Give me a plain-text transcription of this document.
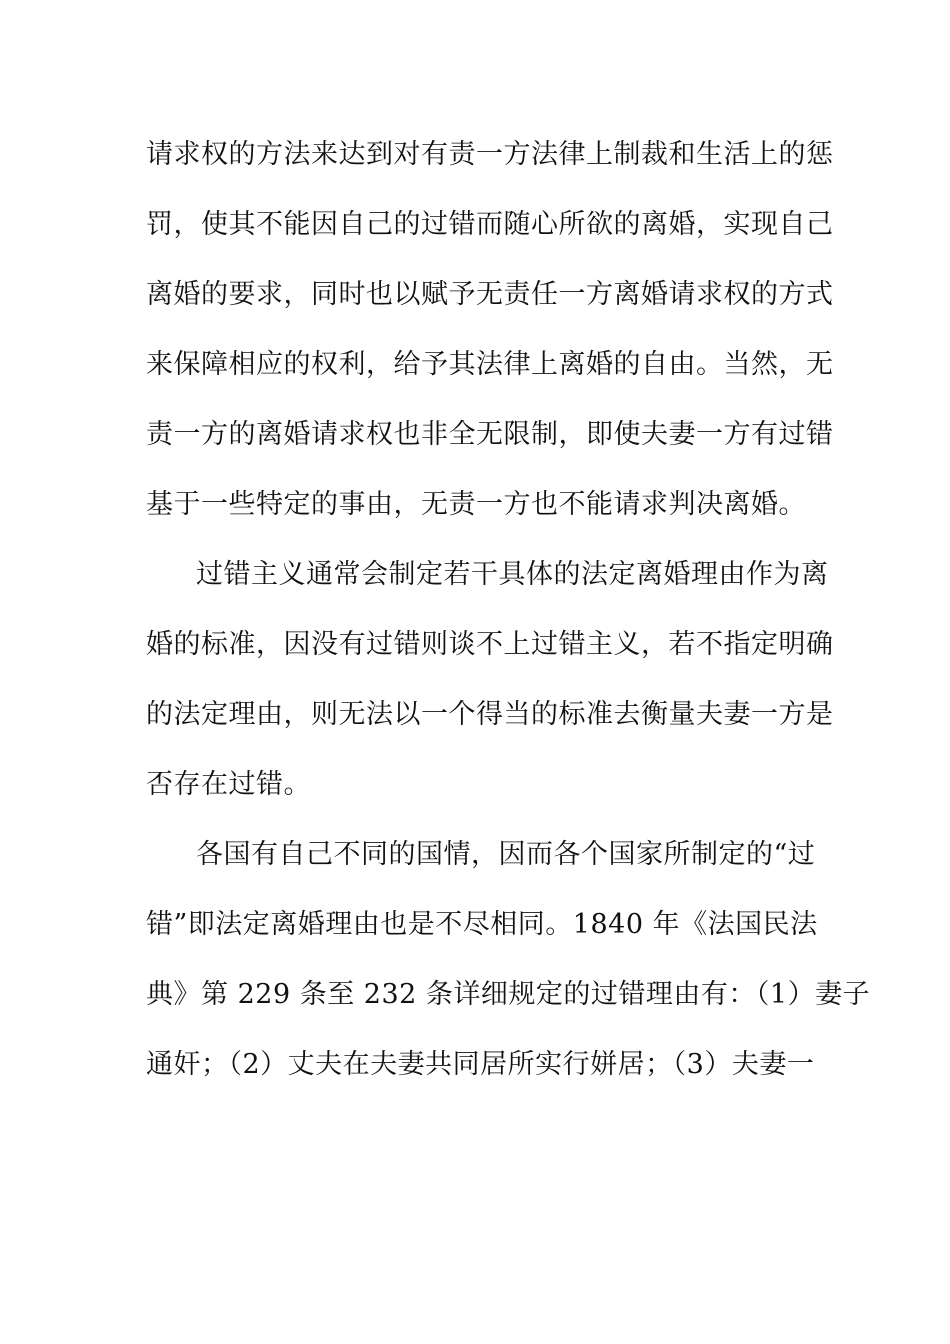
请求权的方法来达到对有责一方法律上制裁和生活上的惩
罚，使其不能因自己的过错而随心所欲的离婚，实现自己
离婚的要求，同时也以赋予无责任一方离婚请求权的方式
来保障相应的权利，给予其法律上离婚的自由。当然，无
责一方的离婚请求权也非全无限制，即使夫妻一方有过错
基于一些特定的事由，无责一方也不能请求判决离婚。
过错主义通常会制定若干具体的法定离婚理由作为离
婚的标准，因没有过错则谈不上过错主义，若不指定明确
的法定理由，则无法以一个得当的标准去衡量夫妻一方是
否存在过错。
各国有自己不同的国情，因而各个国家所制定的“过
错”即法定离婚理由也是不尽相同。1840 年《法国民法
典》第 229 条至 232 条详细规定的过错理由有：（1）妻子
通奸；（2）丈夫在夫妻共同居所实行姘居；（3）夫妻一
